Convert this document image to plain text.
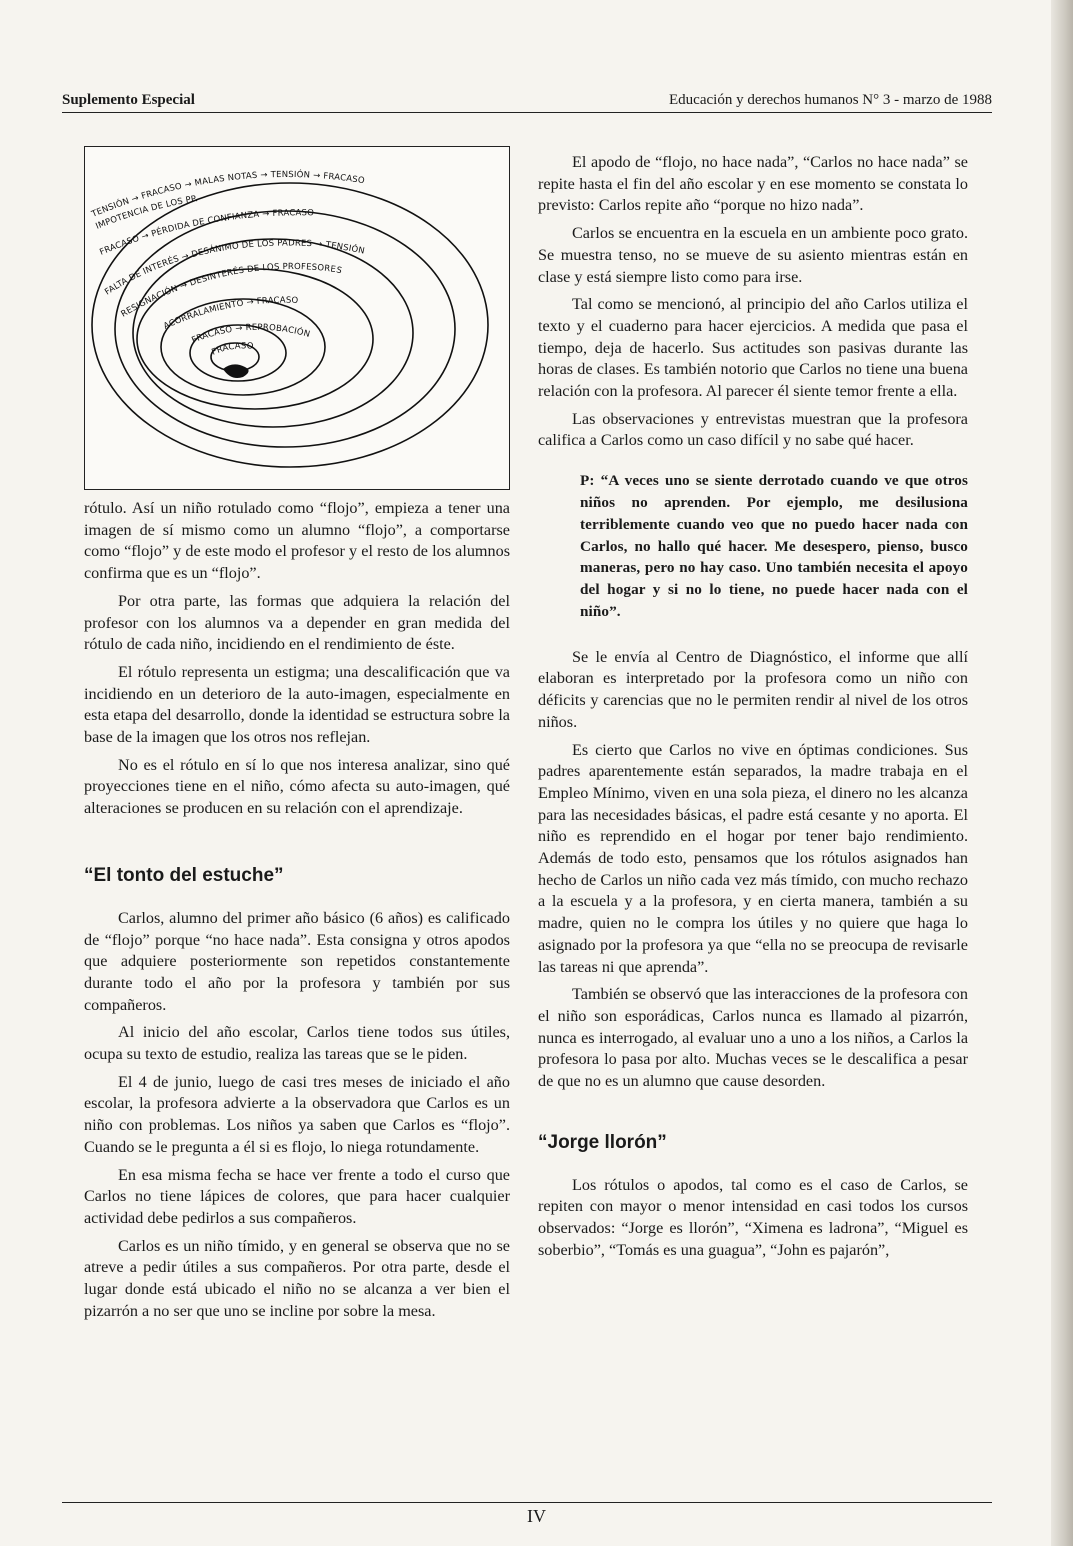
Suplemento Especial	Educación y derechos humanos N° 3 - marzo de 1988
TENSIÓN → FRACASO → MALAS NOTAS → TENSIÓN → FRACASO
IMPOTENCIA DE LOS PP.
FRACASO → PÉRDIDA DE CONFIANZA → FRACASO
FALTA DE INTERÉS → DESÁNIMO DE LOS PADRES → TENSIÓN
RESIGNACIÓN → DESINTERÉS DE LOS PROFESORES
ACORRALAMIENTO → FRACASO
FRACASO → REPROBACIÓN
FRACASO

rótulo. Así un niño rotulado como “flojo”, empieza a tener una imagen de sí mismo como un alumno “flojo”, a comportarse como “flojo” y de este modo el profesor y el resto de los alumnos confirma que es un “flojo”.

Por otra parte, las formas que adquiera la relación del profesor con los alumnos va a depender en gran medida del rótulo de cada niño, incidiendo en el rendimiento de éste.

El rótulo representa un estigma; una descalificación que va incidiendo en un deterioro de la auto-imagen, especialmente en esta etapa del desarrollo, donde la identidad se estructura sobre la base de la imagen que los otros nos reflejan.

No es el rótulo en sí lo que nos interesa analizar, sino qué proyecciones tiene en el niño, cómo afecta su auto-imagen, qué alteraciones se producen en su relación con el aprendizaje.

“El tonto del estuche”

Carlos, alumno del primer año básico (6 años) es calificado de “flojo” porque “no hace nada”. Esta consigna y otros apodos que adquiere posteriormente son repetidos constantemente durante todo el año por la profesora y también por sus compañeros.

Al inicio del año escolar, Carlos tiene todos sus útiles, ocupa su texto de estudio, realiza las tareas que se le piden.

El 4 de junio, luego de casi tres meses de iniciado el año escolar, la profesora advierte a la observadora que Carlos es un niño con problemas. Los niños ya saben que Carlos es “flojo”. Cuando se le pregunta a él si es flojo, lo niega rotundamente.

En esa misma fecha se hace ver frente a todo el curso que Carlos no tiene lápices de colores, que para hacer cualquier actividad debe pedirlos a sus compañeros.

Carlos es un niño tímido, y en general se observa que no se atreve a pedir útiles a sus compañeros. Por otra parte, desde el lugar donde está ubicado el niño no se alcanza a ver bien el pizarrón a no ser que uno se incline por sobre la mesa.

El apodo de “flojo, no hace nada”, “Carlos no hace nada” se repite hasta el fin del año escolar y en ese momento se constata lo previsto: Carlos repite año “porque no hizo nada”.

Carlos se encuentra en la escuela en un ambiente poco grato. Se muestra tenso, no se mueve de su asiento mientras están en clase y está siempre listo como para irse.

Tal como se mencionó, al principio del año Carlos utiliza el texto y el cuaderno para hacer ejercicios. A medida que pasa el tiempo, deja de hacerlo. Sus actitudes son pasivas durante las horas de clases. Es también notorio que Carlos no tiene una buena relación con la profesora. Al parecer él siente temor frente a ella.

Las observaciones y entrevistas muestran que la profesora califica a Carlos como un caso difícil y no sabe qué hacer.

P: “A veces uno se siente derrotado cuando ve que otros niños no aprenden. Por ejemplo, me desilusiona terriblemente cuando veo que no puedo hacer nada con Carlos, no hallo qué hacer. Me desespero, pienso, busco maneras, pero no hay caso. Uno también necesita el apoyo del hogar y si no lo tiene, no puede hacer nada con el niño”.

Se le envía al Centro de Diagnóstico, el informe que allí elaboran es interpretado por la profesora como un niño con déficits y carencias que no le permiten rendir al nivel de los otros niños.

Es cierto que Carlos no vive en óptimas condiciones. Sus padres aparentemente están separados, la madre trabaja en el Empleo Mínimo, viven en una sola pieza, el dinero no les alcanza para las necesidades básicas, el padre está cesante y no aporta. El niño es reprendido en el hogar por tener bajo rendimiento. Además de todo esto, pensamos que los rótulos asignados han hecho de Carlos un niño cada vez más tímido, con mucho rechazo a la escuela y a la profesora, y en cierta manera, también a su madre, quien no le compra los útiles y no quiere que haga lo asignado por la profesora ya que “ella no se preocupa de revisarle las tareas ni que aprenda”.

También se observó que las interacciones de la profesora con el niño son esporádicas, Carlos nunca es llamado al pizarrón, nunca es interrogado, al evaluar uno a uno a los niños, a Carlos la profesora lo pasa por alto. Muchas veces se le descalifica a pesar de que no es un alumno que cause desorden.

“Jorge llorón”

Los rótulos o apodos, tal como es el caso de Carlos, se repiten con mayor o menor intensidad en casi todos los cursos observados: “Jorge es llorón”, “Ximena es ladrona”, “Miguel es soberbio”, “Tomás es una guagua”, “John es pajarón”,

IV
